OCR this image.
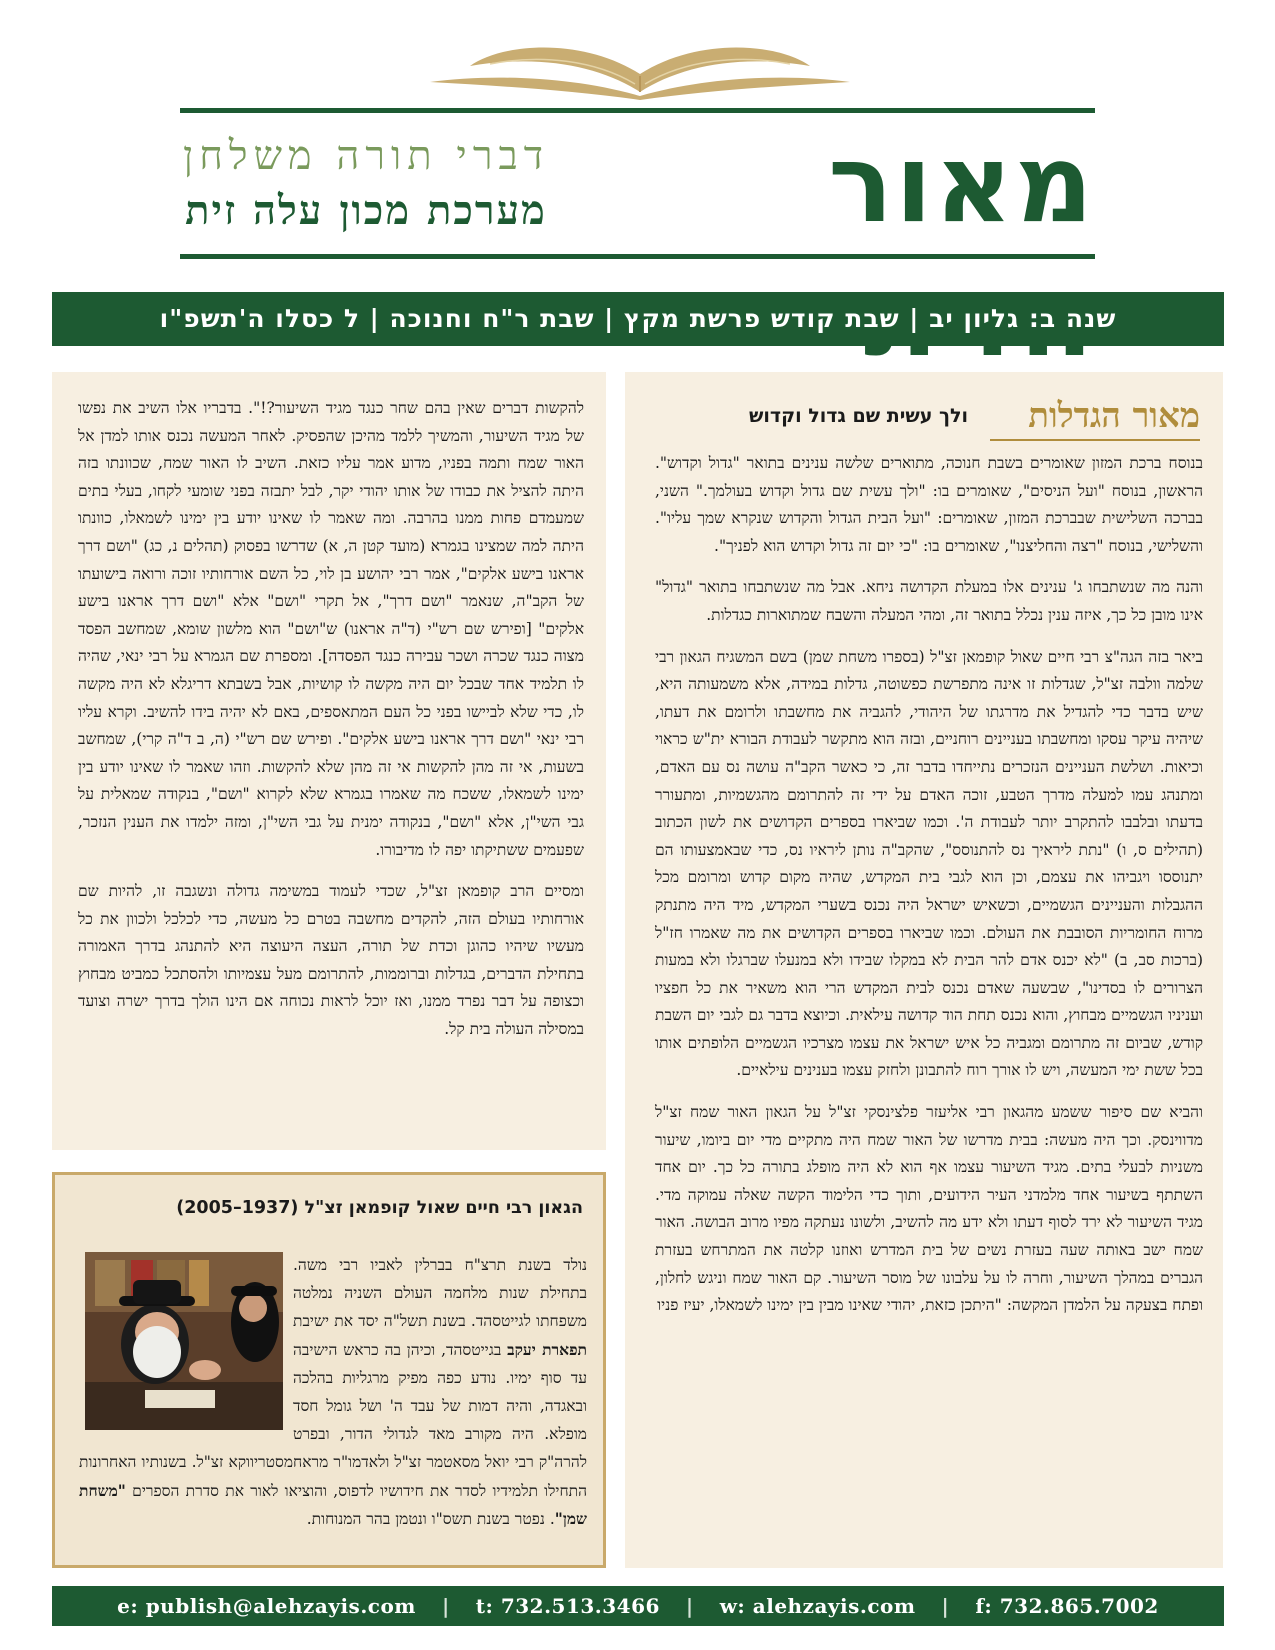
מאור
דברי תורה משלחן
מערכת מכון עלה זית
שנה ב: גליון יב | שבת קודש פרשת מקץ | שבת ר"ח וחנוכה | ל כסלו ה'תשפ"ו
מאור הגדלות
ולך עשית שם גדול וקדוש

בנוסח ברכת המזון שאומרים בשבת חנוכה, מתוארים שלשה ענינים בתואר "גדול וקדוש". הראשון, בנוסח "ועל הניסים", שאומרים בו: "ולך עשית שם גדול וקדוש בעולמך." השני, בברכה השלישית שבברכת המזון, שאומרים: "ועל הבית הגדול והקדוש שנקרא שמך עליו". והשלישי, בנוסח "רצה והחליצנו", שאומרים בו: "כי יום זה גדול וקדוש הוא לפניך".

והנה מה שנשתבחו ג' ענינים אלו במעלת הקדושה ניחא. אבל מה שנשתבחו בתואר "גדול" אינו מובן כל כך, איזה ענין נכלל בתואר זה, ומהי המעלה והשבח שמתוארות כגדלות.

ביאר בזה הגה"צ רבי חיים שאול קופמאן זצ"ל (בספרו משחת שמן) בשם המשגיח הגאון רבי שלמה וולבה זצ"ל, שגדלות זו אינה מתפרשת כפשוטה, גדלות במידה, אלא משמעותה היא, שיש בדבר כדי להגדיל את מדרגתו של היהודי, להגביה את מחשבתו ולרומם את דעתו, שיהיה עיקר עסקו ומחשבתו בעניינים רוחניים, ובזה הוא מתקשר לעבודת הבורא ית"ש כראוי וכיאות. ושלשת העניינים הנזכרים נתייחדו בדבר זה, כי כאשר הקב"ה עושה נס עם האדם, ומתנהג עמו למעלה מדרך הטבע, זוכה האדם על ידי זה להתרומם מהגשמיות, ומתעורר בדעתו ובלבבו להתקרב יותר לעבודת ה'. וכמו שביארו בספרים הקדושים את לשון הכתוב (תהילים ס, ו) "נתת ליראיך נס להתנוסס", שהקב"ה נותן ליראיו נס, כדי שבאמצעותו הם יתנוססו ויגביהו את עצמם, וכן הוא לגבי בית המקדש, שהיה מקום קדוש ומרומם מכל ההגבלות והעניינים הגשמיים, וכשאיש ישראל היה נכנס בשערי המקדש, מיד היה מתנתק מרוח החומריות הסובבת את העולם. וכמו שביארו בספרים הקדושים את מה שאמרו חז"ל (ברכות סב, ב) "לא יכנס אדם להר הבית לא במקלו שבידו ולא במנעלו שברגלו ולא במעות הצרורים לו בסדינו", שבשעה שאדם נכנס לבית המקדש הרי הוא משאיר את כל חפציו ועניניו הגשמיים מבחוץ, והוא נכנס תחת הוד קדושה עילאית. וכיוצא בדבר גם לגבי יום השבת קודש, שביום זה מתרומם ומגביה כל איש ישראל את עצמו מצרכיו הגשמיים הלופתים אותו בכל ששת ימי המעשה, ויש לו אורך רוח להתבונן ולחזק עצמו בענינים עילאיים.

והביא שם סיפור ששמע מהגאון רבי אליעזר פלצינסקי זצ"ל על הגאון האור שמח זצ"ל מדווינסק. וכך היה מעשה: בבית מדרשו של האור שמח היה מתקיים מדי יום ביומו, שיעור משניות לבעלי בתים. מגיד השיעור עצמו אף הוא לא היה מופלג בתורה כל כך. יום אחד השתתף בשיעור אחד מלמדני העיר הידועים, ותוך כדי הלימוד הקשה שאלה עמוקה מדי. מגיד השיעור לא ירד לסוף דעתו ולא ידע מה להשיב, ולשונו נעתקה מפיו מרוב הבושה. האור שמח ישב באותה שעה בעזרת נשים של בית המדרש ואוזנו קלטה את המתרחש בעזרת הגברים במהלך השיעור, וחרה לו על עלבונו של מוסר השיעור. קם האור שמח וניגש לחלון, ופתח בצעקה על הלמדן המקשה: "היתכן כזאת, יהודי שאינו מבין בין ימינו לשמאלו, יעיז פניו

להקשות דברים שאין בהם שחר כנגד מגיד השיעור?!". בדבריו אלו השיב את נפשו של מגיד השיעור, והמשיך ללמד מהיכן שהפסיק. לאחר המעשה נכנס אותו למדן אל האור שמח ותמה בפניו, מדוע אמר עליו כזאת. השיב לו האור שמח, שכוונתו בזה היתה להציל את כבודו של אותו יהודי יקר, לבל יתבזה בפני שומעי לקחו, בעלי בתים שמעמדם פחות ממנו בהרבה. ומה שאמר לו שאינו יודע בין ימינו לשמאלו, כוונתו היתה למה שמצינו בגמרא (מועד קטן ה, א) שדרשו בפסוק (תהלים נ, כג) "ושם דרך אראנו בישע אלקים", אמר רבי יהושע בן לוי, כל השם אורחותיו זוכה ורואה בישועתו של הקב"ה, שנאמר "ושם דרך", אל תקרי "ושם" אלא "ושם דרך אראנו בישע אלקים" [ופירש שם רש"י (ד"ה אראנו) ש"ושם" הוא מלשון שומא, שמחשב הפסד מצוה כנגד שכרה ושכר עבירה כנגד הפסדה]. ומספרת שם הגמרא על רבי ינאי, שהיה לו תלמיד אחד שבכל יום היה מקשה לו קושיות, אבל בשבתא דריגלא לא היה מקשה לו, כדי שלא לביישו בפני כל העם המתאספים, באם לא יהיה בידו להשיב. וקרא עליו רבי ינאי "ושם דרך אראנו בישע אלקים". ופירש שם רש"י (ה, ב ד"ה קרי), שמחשב בשעות, אי זה מהן להקשות אי זה מהן שלא להקשות. וזהו שאמר לו שאינו יודע בין ימינו לשמאלו, ששכח מה שאמרו בגמרא שלא לקרוא "ושם", בנקודה שמאלית על גבי השי"ן, אלא "ושם", בנקודה ימנית על גבי השי"ן, ומזה ילמדו את הענין הנזכר, שפעמים ששתיקתו יפה לו מדיבורו.

ומסיים הרב קופמאן זצ"ל, שכדי לעמוד במשימה גדולה ונשגבה זו, להיות שם אורחותיו בעולם הזה, להקדים מחשבה בטרם כל מעשה, כדי לכלכל ולכוון את כל מעשיו שיהיו כהוגן וכדת של תורה, העצה היעוצה היא להתנהג בדרך האמורה בתחילת הדברים, בגדלות וברוממות, להתרומם מעל עצמיותו ולהסתכל כמביט מבחוץ וכצופה על דבר נפרד ממנו, ואז יוכל לראות נכוחה אם הינו הולך בדרך ישרה וצועד במסילה העולה בית קל.

הגאון רבי חיים שאול קופמאן זצ"ל (1937–2005)
נולד בשנת תרצ"ח בברלין לאביו רבי משה. בתחילת שנות מלחמה העולם השניה נמלטה משפחתו לגייטסהד. בשנת תשל"ה יסד את ישיבת תפארת יעקב בגייטסהד, וכיהן בה כראש הישיבה עד סוף ימיו. נודע כפה מפיק מרגליות בהלכה ובאגדה, והיה דמות של עבד ה' ושל גומל חסד מופלא. היה מקורב מאד לגדולי הדור, ובפרט להרה"ק רבי יואל מסאטמר זצ"ל ולאדמו"ר מראחמסטריווקא זצ"ל. בשנותיו האחרונות התחילו תלמידיו לסדר את חידושיו לדפוס, והוציאו לאור את סדרת הספרים "משחת שמן". נפטר בשנת תשס"ו ונטמן בהר המנוחות.
e: publish@alehzayis.com | t: 732.513.3466 | w: alehzayis.com | f: 732.865.7002
